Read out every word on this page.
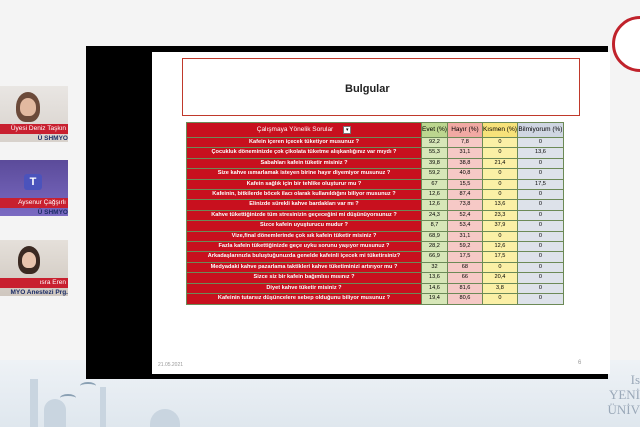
Is
YENİ
ÜNİV
Üyesi Deniz Taşkın
Ü SHMYO
T
Aysenur Çağşırlı
Ü SHMYO
ısra Eren
MYO Anestezi Prg.
Bulgular
Çalışmaya Yönelik Sorular ▾	Evet (%)	Hayır (%)	Kısmen (%)	Bilmiyorum (%)
Kafein içeren içecek tüketiyor musunuz ?	92,2	7,8	0	0
Çocukluk döneminizde çok çikolata tüketme alışkanlığınız var mıydı ?	55,3	31,1	0	13,6
Sabahları kafein tüketir misiniz ?	39,8	38,8	21,4	0
Size kahve ısmarlamak isteyen birine hayır diyemiyor musunuz ?	59,2	40,8	0	0
Kafein sağlık için bir tehlike oluşturur mu ?	67	15,5	0	17,5
Kafeinin, bitkilerde böcek ilacı olarak kullanıldığını biliyor musunuz ?	12,6	87,4	0	0
Elinizde sürekli kahve bardakları var mı ?	12,6	73,8	13,6	0
Kahve tükettiğinizde tüm stresinizin geçeceğini mi düşünüyorsunuz ?	24,3	52,4	23,3	0
Sizce kafein uyuşturucu mudur ?	8,7	53,4	37,9	0
Vize,final dönemlerinde çok sık kafein tüketir misiniz ?	68,9	31,1	0	0
Fazla kafein tükettiğinizde geçe uyku sorunu yaşıyor musunuz ?	28,2	59,2	12,6	0
Arkadaşlarınızla buluştuğunuzda genelde kafeinli içecek mi tüketirsiniz?	66,9	17,5	17,5	0
Medyadaki kahve pazarlama taktikleri kahve tüketiminizi artırıyor mu ?	32	68	0	0
Sizce siz bir kafein bağımlısı mısınız ?	13,6	66	20,4	0
Diyet kahve tüketir misiniz ?	14,6	81,6	3,8	0
Kafeinin tutarsız düşüncelere sebep olduğunu biliyor musunuz ?	19,4	80,6	0	0
21.05.2021	6
